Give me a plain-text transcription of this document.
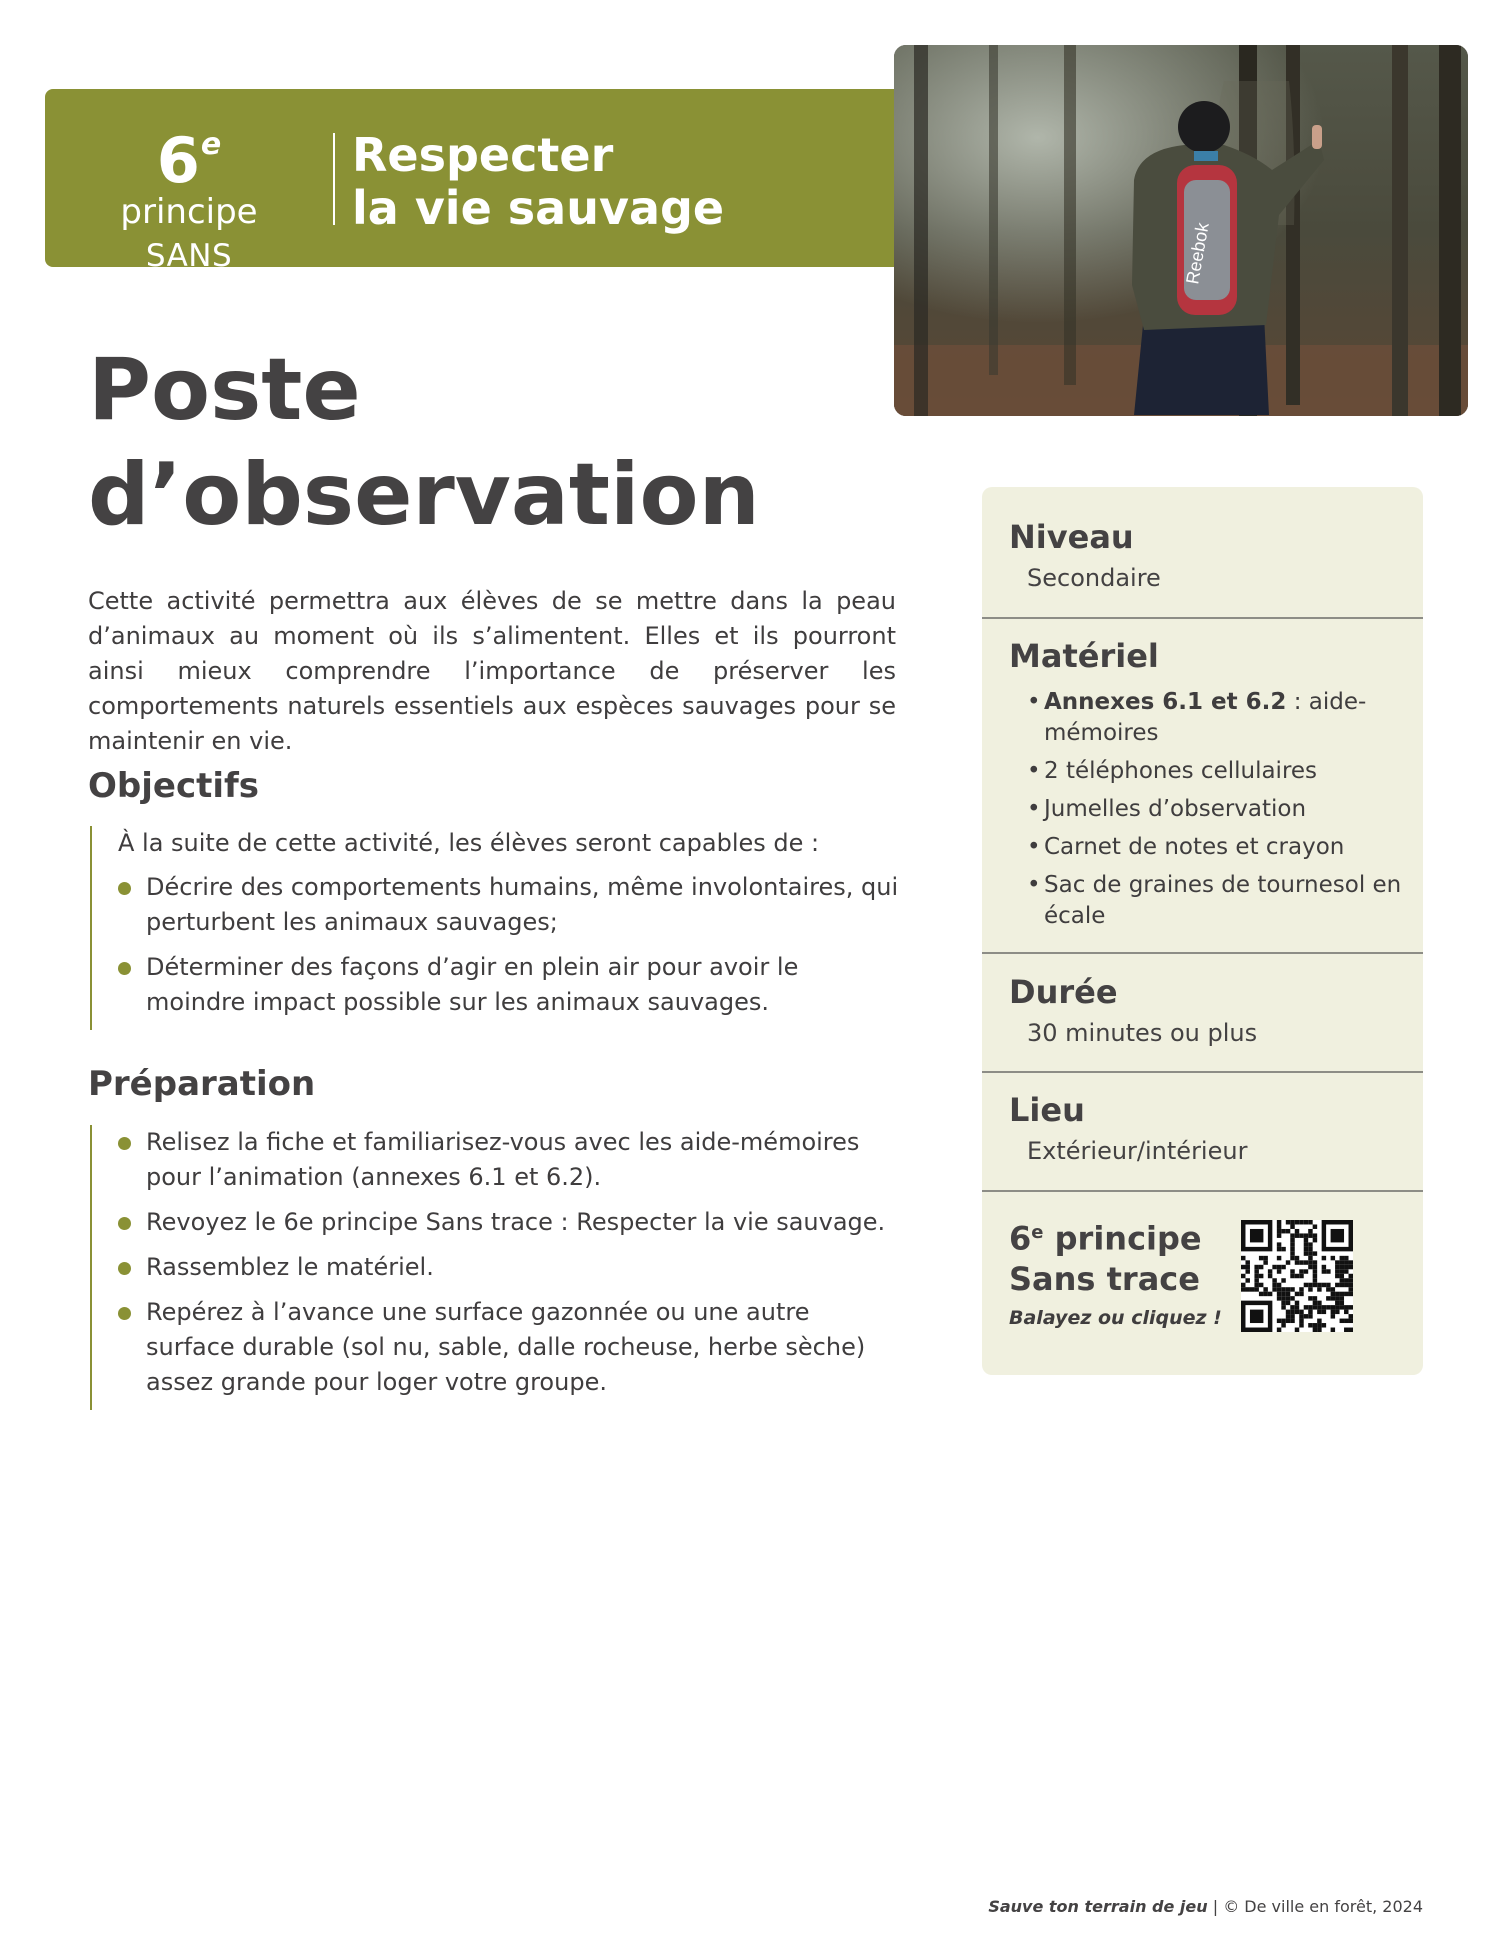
6e principe
SANS TRACE
Respecter
la vie sauvage
Reebok
Poste
d’observation

Cette activité permettra aux élèves de se mettre dans la peau d’animaux au moment où ils s’alimentent. Elles et ils pourront ainsi mieux comprendre l’importance de préserver les comportements naturels essentiels aux espèces sauvages pour se maintenir en vie.

Objectifs

À la suite de cette activité, les élèves seront capables de :

Décrire des comportements humains, même involontaires, qui perturbent les animaux sauvages;
Déterminer des façons d’agir en plein air pour avoir le moindre impact possible sur les animaux sauvages.
Préparation
Relisez la fiche et familiarisez-vous avec les aide-mémoires pour l’animation (annexes 6.1 et 6.2).
Revoyez le 6e principe Sans trace : Respecter la vie sauvage.
Rassemblez le matériel.
Repérez à l’avance une surface gazonnée ou une autre surface durable (sol nu, sable, dalle rocheuse, herbe sèche) assez grande pour loger votre groupe.
Niveau
Secondaire
Matériel
• Annexes 6.1 et 6.2 : aide-mémoires
• 2 téléphones cellulaires
• Jumelles d’observation
• Carnet de notes et crayon
• Sac de graines de tournesol en écale
Durée
30 minutes ou plus
Lieu
Extérieur/intérieur
6e principe
Sans trace
Balayez ou cliquez !
Sauve ton terrain de jeu | © De ville en forêt, 2024
